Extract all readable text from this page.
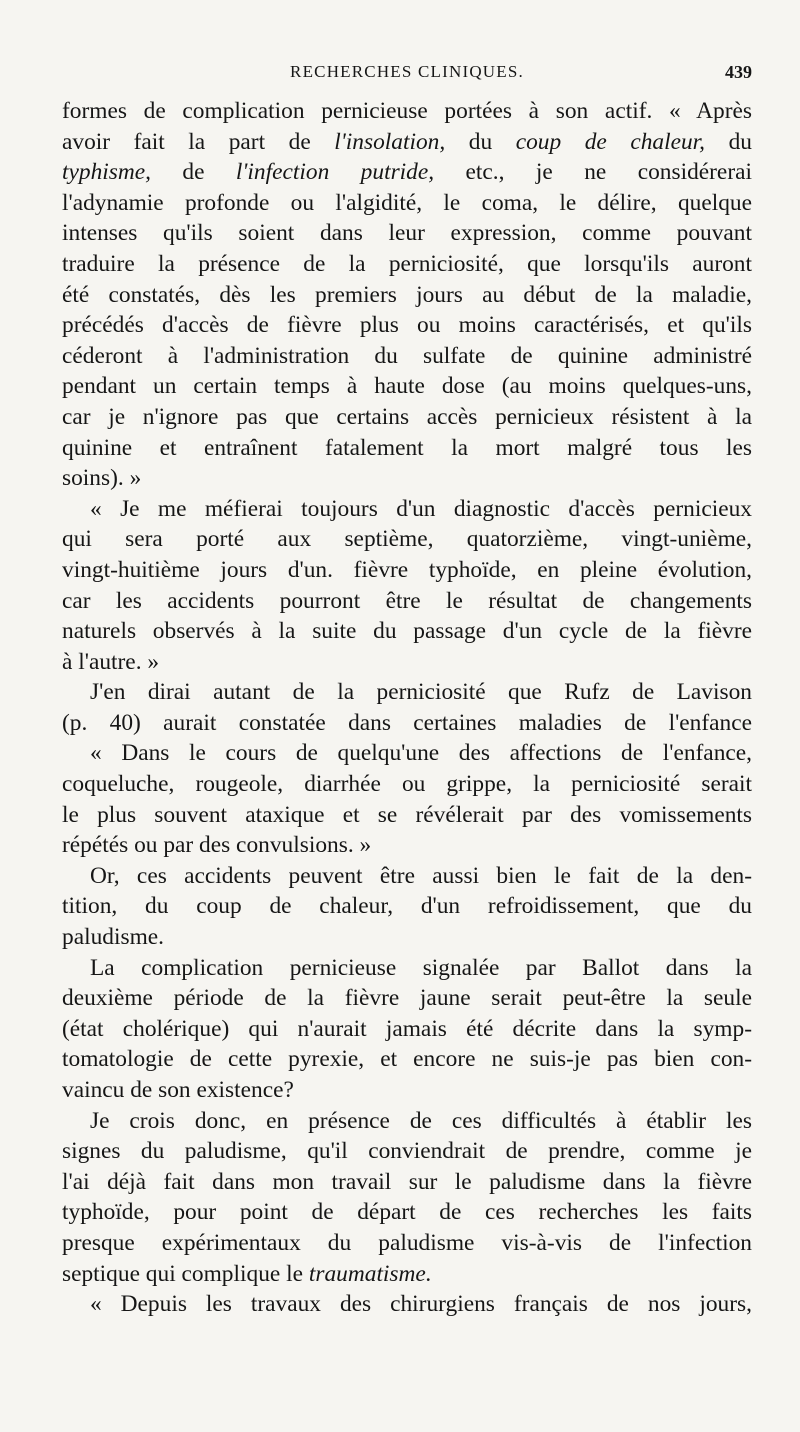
RECHERCHES CLINIQUES.	439
formes de complication pernicieuse portées à son actif. « Après
avoir fait la part de l'insolation, du coup de chaleur, du
typhisme, de l'infection putride, etc., je ne considérerai
l'adynamie profonde ou l'algidité, le coma, le délire, quelque
intenses qu'ils soient dans leur expression, comme pouvant
traduire la présence de la perniciosité, que lorsqu'ils auront
été constatés, dès les premiers jours au début de la maladie,
précédés d'accès de fièvre plus ou moins caractérisés, et qu'ils
céderont à l'administration du sulfate de quinine administré
pendant un certain temps à haute dose (au moins quelques-uns,
car je n'ignore pas que certains accès pernicieux résistent à la
quinine et entraînent fatalement la mort malgré tous les
soins). »
« Je me méfierai toujours d'un diagnostic d'accès pernicieux
qui sera porté aux septième, quatorzième, vingt-unième,
vingt-huitième jours d'un. fièvre typhoïde, en pleine évolution,
car les accidents pourront être le résultat de changements
naturels observés à la suite du passage d'un cycle de la fièvre
à l'autre. »
J'en dirai autant de la perniciosité que Rufz de Lavison
(p. 40) aurait constatée dans certaines maladies de l'enfance
« Dans le cours de quelqu'une des affections de l'enfance,
coqueluche, rougeole, diarrhée ou grippe, la perniciosité serait
le plus souvent ataxique et se révélerait par des vomissements
répétés ou par des convulsions. »
Or, ces accidents peuvent être aussi bien le fait de la den-
tition, du coup de chaleur, d'un refroidissement, que du
paludisme.
La complication pernicieuse signalée par Ballot dans la
deuxième période de la fièvre jaune serait peut-être la seule
(état cholérique) qui n'aurait jamais été décrite dans la symp-
tomatologie de cette pyrexie, et encore ne suis-je pas bien con-
vaincu de son existence?
Je crois donc, en présence de ces difficultés à établir les
signes du paludisme, qu'il conviendrait de prendre, comme je
l'ai déjà fait dans mon travail sur le paludisme dans la fièvre
typhoïde, pour point de départ de ces recherches les faits
presque expérimentaux du paludisme vis-à-vis de l'infection
septique qui complique le traumatisme.
« Depuis les travaux des chirurgiens français de nos jours,
